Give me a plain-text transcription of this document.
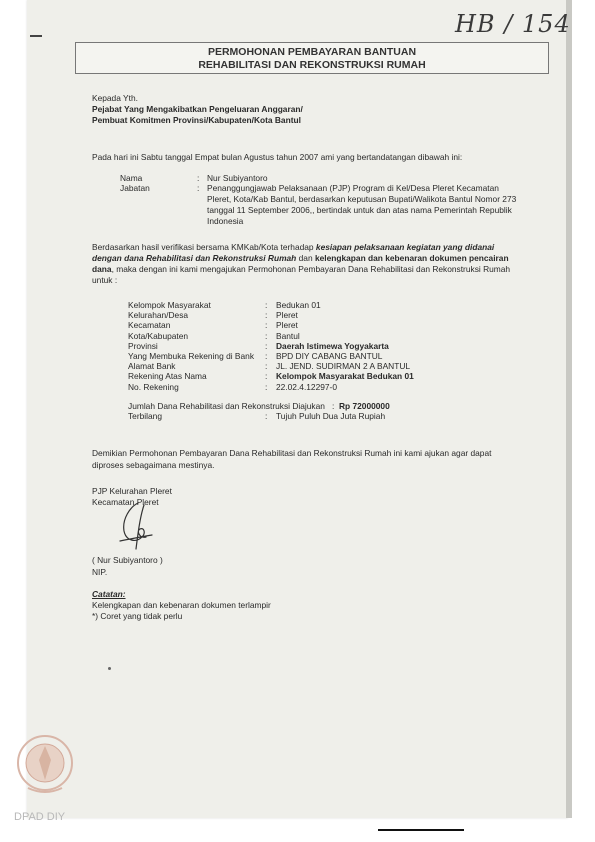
HB / 154
PERMOHONAN PEMBAYARAN BANTUAN
REHABILITASI DAN REKONSTRUKSI RUMAH
Kepada Yth.
Pejabat Yang Mengakibatkan Pengeluaran Anggaran/
Pembuat Komitmen Provinsi/Kabupaten/Kota Bantul
Pada hari ini Sabtu tanggal Empat bulan Agustus tahun 2007 ami yang bertandatangan dibawah ini:
Nama	: Nur Subiyantoro
Jabatan	: Penanggungjawab Pelaksanaan (PJP) Program di Kel/Desa Pleret Kecamatan
Pleret, Kota/Kab Bantul, berdasarkan keputusan Bupati/Walikota Bantul Nomor 273
tanggal 11 September 2006,, bertindak untuk dan atas nama Pemerintah Republik
Indonesia
Berdasarkan hasil verifikasi bersama KMKab/Kota terhadap kesiapan pelaksanaan kegiatan yang didanai
dengan dana Rehabilitasi dan Rekonstruksi Rumah dan kelengkapan dan kebenaran dokumen pencairan
dana, maka dengan ini kami mengajukan Permohonan Pembayaran Dana Rehabilitasi dan Rekonstruksi Rumah
untuk :
Kelompok Masyarakat	: Bedukan 01
Kelurahan/Desa	: Pleret
Kecamatan	: Pleret
Kota/Kabupaten	: Bantul
Provinsi	: Daerah Istimewa Yogyakarta
Yang Membuka Rekening di Bank : BPD DIY CABANG BANTUL
Alamat Bank	: JL. JEND. SUDIRMAN 2 A BANTUL
Rekening Atas Nama	: Kelompok Masyarakat Bedukan 01
No. Rekening	: 22.02.4.12297-0
Jumlah Dana Rehabilitasi dan Rekonstruksi Diajukan : Rp 72000000
Terbilang	: Tujuh Puluh Dua Juta Rupiah
Demikian Permohonan Pembayaran Dana Rehabilitasi dan Rekonstruksi Rumah ini kami ajukan agar dapat
diproses sebagaimana mestinya.
PJP Kelurahan Pleret
Kecamatan Pleret
( Nur Subiyantoro )
NIP.
Catatan:
Kelengkapan dan kebenaran dokumen terlampir
*) Coret yang tidak perlu
DPAD DIY
